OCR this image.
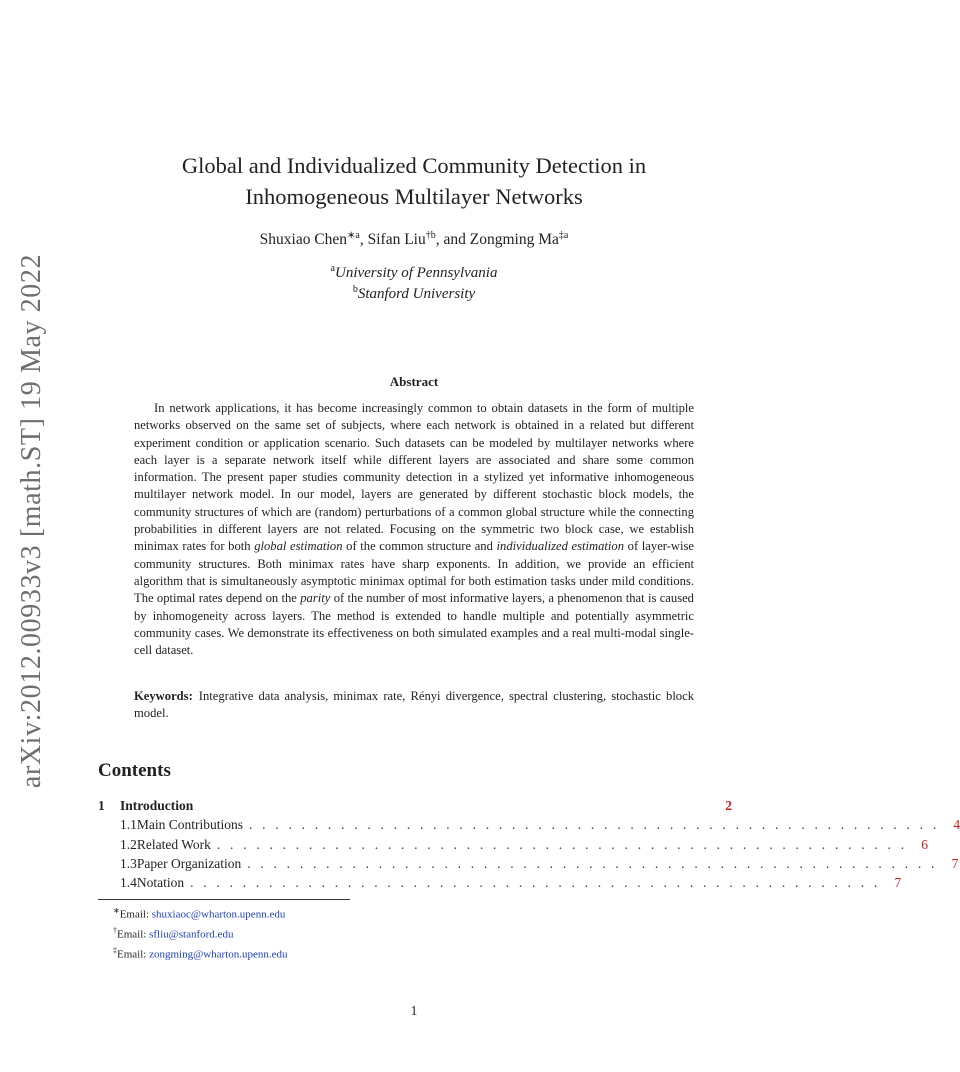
arXiv:2012.00933v3 [math.ST] 19 May 2022
Global and Individualized Community Detection in
Inhomogeneous Multilayer Networks
Shuxiao Chen$^{∗a}$, Sifan Liu$^{\dagger b}$, and Zongming Ma$^{\ddagger a}$
$^a$University of Pennsylvania
$^b$Stanford University
Abstract

In network applications, it has become increasingly common to obtain datasets in the form of multiple networks observed on the same set of subjects, where each network is obtained in a related but different experiment condition or application scenario. Such datasets can be modeled by multilayer networks where each layer is a separate network itself while different layers are associated and share some common information. The present paper studies community detection in a stylized yet informative inhomogeneous multilayer network model. In our model, layers are generated by different stochastic block models, the community structures of which are (random) perturbations of a common global structure while the connecting probabilities in different layers are not related. Focusing on the symmetric two block case, we establish minimax rates for both global estimation of the common structure and individualized estimation of layer-wise community structures. Both minimax rates have sharp exponents. In addition, we provide an efficient algorithm that is simultaneously asymptotic minimax optimal for both estimation tasks under mild conditions. The optimal rates depend on the parity of the number of most informative layers, a phenomenon that is caused by inhomogeneity across layers. The method is extended to handle multiple and potentially asymmetric community cases. We demonstrate its effectiveness on both simulated examples and a real multi-modal single-cell dataset.

Keywords: Integrative data analysis, minimax rate, Rényi divergence, spectral clustering, stochastic block model.

Contents
1	Introduction	2
1.1 Main Contributions . . . . . . . . . . . . . . . . . . . . . . . . . . . . . . . . . . . . . . . . . . . . . . . . . . . . . 4
1.2 Related Work . . . . . . . . . . . . . . . . . . . . . . . . . . . . . . . . . . . . . . . . . . . . . . . . . . . . . 6
1.3 Paper Organization . . . . . . . . . . . . . . . . . . . . . . . . . . . . . . . . . . . . . . . . . . . . . . . . . . . . . 7
1.4 Notation . . . . . . . . . . . . . . . . . . . . . . . . . . . . . . . . . . . . . . . . . . . . . . . . . . . . . 7
∗Email: shuxiaoc@wharton.upenn.edu
†Email: sfliu@stanford.edu
‡Email: zongming@wharton.upenn.edu
1
